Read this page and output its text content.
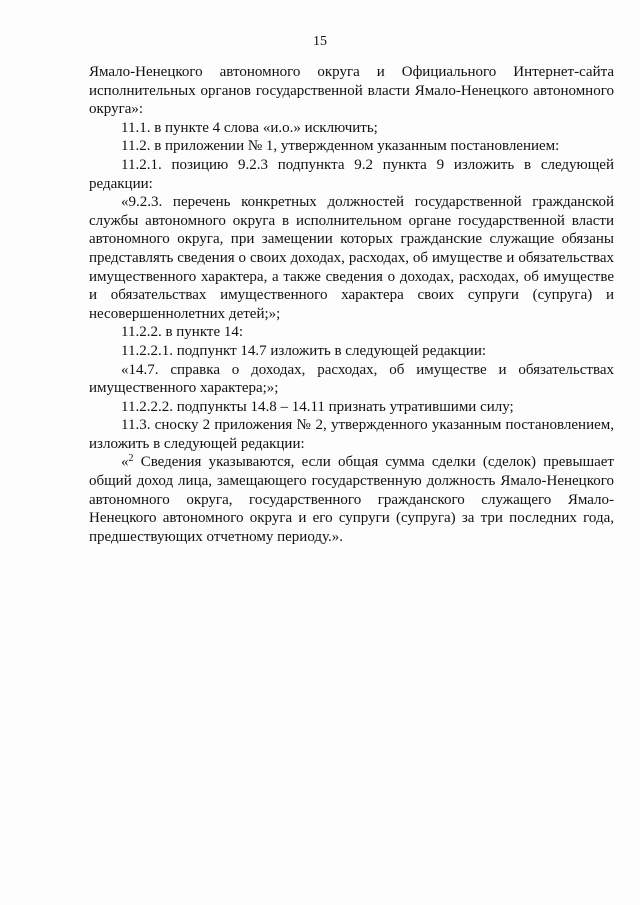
15

Ямало-Ненецкого автономного округа и Официального Интернет-сайта исполнительных органов государственной власти Ямало-Ненецкого автономного округа»:

11.1. в пункте 4 слова «и.о.» исключить;

11.2. в приложении № 1, утвержденном указанным постановлением:

11.2.1. позицию 9.2.3 подпункта 9.2 пункта 9 изложить в следующей редакции:

«9.2.3. перечень конкретных должностей государственной гражданской службы автономного округа в исполнительном органе государственной власти автономного округа, при замещении которых гражданские служащие обязаны представлять сведения о своих доходах, расходах, об имуществе и обязательствах имущественного характера, а также сведения о доходах, расходах, об имуществе и обязательствах имущественного характера своих супруги (супруга) и несовершеннолетних детей;»;

11.2.2. в пункте 14:

11.2.2.1. подпункт 14.7 изложить в следующей редакции:

«14.7. справка о доходах, расходах, об имуществе и обязательствах имущественного характера;»;

11.2.2.2. подпункты 14.8 – 14.11 признать утратившими силу;

11.3. сноску 2 приложения № 2, утвержденного указанным постановлением, изложить в следующей редакции:

«$^2$ Сведения указываются, если общая сумма сделки (сделок) превышает общий доход лица, замещающего государственную должность Ямало-Ненецкого автономного округа, государственного гражданского служащего Ямало-Ненецкого автономного округа и его супруги (супруга) за три последних года, предшествующих отчетному периоду.».
